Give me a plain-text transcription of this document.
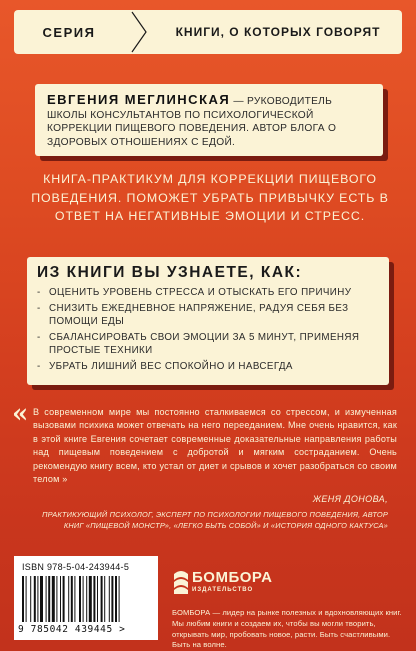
СЕРИЯ	КНИГИ, О КОТОРЫХ ГОВОРЯТ
ЕВГЕНИЯ МЕГЛИНСКАЯ — РУКОВОДИТЕЛЬ ШКОЛЫ КОНСУЛЬТАНТОВ ПО ПСИХОЛОГИЧЕСКОЙ КОРРЕКЦИИ ПИЩЕВОГО ПОВЕДЕНИЯ. АВТОР БЛОГА О ЗДОРОВЫХ ОТНОШЕНИЯХ С ЕДОЙ.
КНИГА-ПРАКТИКУМ ДЛЯ КОРРЕКЦИИ ПИЩЕВОГО ПОВЕДЕНИЯ. ПОМОЖЕТ УБРАТЬ ПРИВЫЧКУ ЕСТЬ В ОТВЕТ НА НЕГАТИВНЫЕ ЭМОЦИИ И СТРЕСС.
ИЗ КНИГИ ВЫ УЗНАЕТЕ, КАК:
- ОЦЕНИТЬ УРОВЕНЬ СТРЕССА И ОТЫСКАТЬ ЕГО ПРИЧИНУ
- СНИЗИТЬ ЕЖЕДНЕВНОЕ НАПРЯЖЕНИЕ, РАДУЯ СЕБЯ БЕЗ ПОМОЩИ ЕДЫ
- СБАЛАНСИРОВАТЬ СВОИ ЭМОЦИИ ЗА 5 МИНУТ, ПРИМЕНЯЯ ПРОСТЫЕ ТЕХНИКИ
- УБРАТЬ ЛИШНИЙ ВЕС СПОКОЙНО И НАВСЕГДА
« В современном мире мы постоянно сталкиваемся со стрессом, и измученная вызовами психика может отвечать на него перееданием. Мне очень нравится, как в этой книге Евгения сочетает современные доказательные направления работы над пищевым поведением с добротой и мягким состраданием. Очень рекомендую книгу всем, кто устал от диет и срывов и хочет разобраться со своим телом »
ЖЕНЯ ДОНОВА,
ПРАКТИКУЮЩИЙ ПСИХОЛОГ, ЭКСПЕРТ ПО ПСИХОЛОГИИ ПИЩЕВОГО ПОВЕДЕНИЯ, АВТОР КНИГ «ПИЩЕВОЙ МОНСТР», «ЛЕГКО БЫТЬ СОБОЙ» И «ИСТОРИЯ ОДНОГО КАКТУСА»
ISBN 978-5-04-243944-5
9 785042 439445 >
БОМБОРА
ИЗДАТЕЛЬСТВО
БОМБОРА — лидер на рынке полезных и вдохновляющих книг. Мы любим книги и создаем их, чтобы вы могли творить, открывать мир, пробовать новое, расти. Быть счастливыми. Быть на волне.
